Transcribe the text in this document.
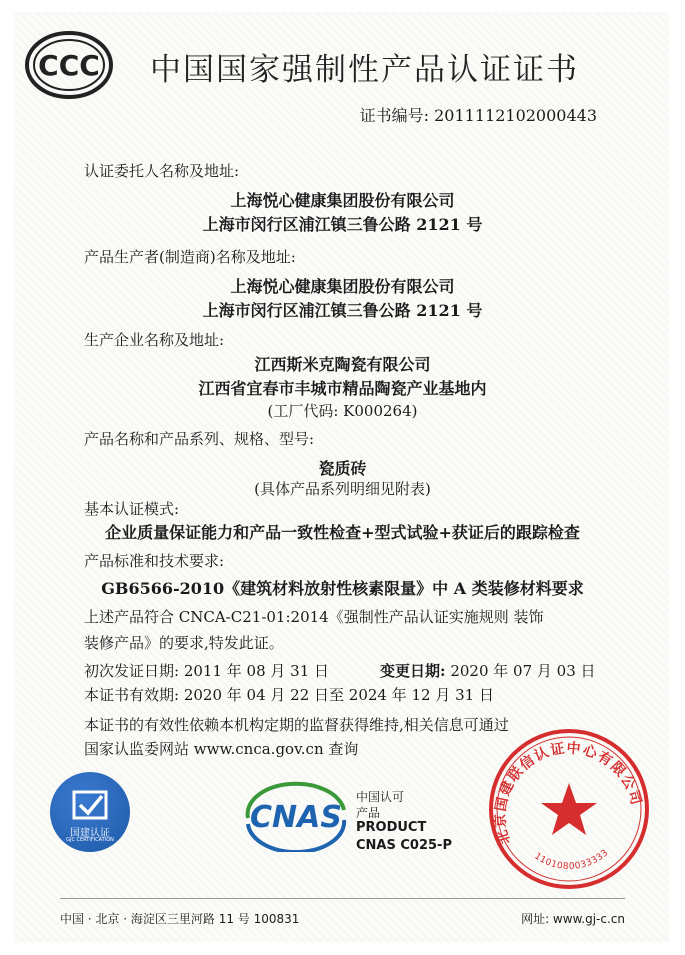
CCC 中国国家强制性产品认证证书
证书编号: 2011112102000443
认证委托人名称及地址:
上海悦心健康集团股份有限公司
上海市闵行区浦江镇三鲁公路 2121 号
产品生产者(制造商)名称及地址:
上海悦心健康集团股份有限公司
上海市闵行区浦江镇三鲁公路 2121 号
生产企业名称及地址:
江西斯米克陶瓷有限公司
江西省宜春市丰城市精品陶瓷产业基地内
(工厂代码: K000264)
产品名称和产品系列、规格、型号:
瓷质砖
(具体产品系列明细见附表)
基本认证模式:
企业质量保证能力和产品一致性检查+型式试验+获证后的跟踪检查
产品标准和技术要求:
GB6566-2010《建筑材料放射性核素限量》中 A 类装修材料要求
上述产品符合 CNCA-C21-01:2014《强制性产品认证实施规则 装饰
装修产品》的要求,特发此证。
初次发证日期: 2011 年 08 月 31 日	变更日期: 2020 年 07 月 03 日
本证书有效期: 2020 年 04 月 22 日至 2024 年 12 月 31 日
本证书的有效性依赖本机构定期的监督获得维持,相关信息可通过
国家认监委网站 www.cnca.gov.cn 查询
国建认证
GJC CERTIFICATION
CNAS
中国认可
产品
PRODUCT
CNAS C025-P	北京国建联信认证中心有限公司
1101080033333
中国 · 北京 · 海淀区三里河路 11 号 100831	网址: www.gj-c.cn
